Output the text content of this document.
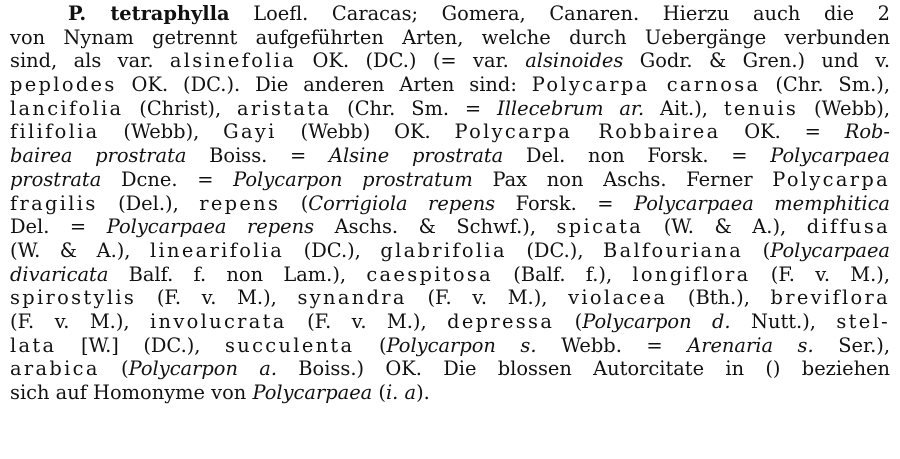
P. tetraphylla Loefl. Caracas; Gomera, Canaren. Hierzu auch die 2
von Nynam getrennt aufgeführten Arten, welche durch Uebergänge verbunden
sind, als var. alsinefolia OK. (DC.) (= var. alsinoides Godr. & Gren.) und v.
peplodes OK. (DC.). Die anderen Arten sind: Polycarpa carnosa (Chr. Sm.),
lancifolia (Christ), aristata (Chr. Sm. = Illecebrum ar. Ait.), tenuis (Webb),
filifolia (Webb), Gayi (Webb) OK. Polycarpa Robbairea OK. = Rob-
bairea prostrata Boiss. = Alsine prostrata Del. non Forsk. = Polycarpaea
prostrata Dcne. = Polycarpon prostratum Pax non Aschs. Ferner Polycarpa
fragilis (Del.), repens (Corrigiola repens Forsk. = Polycarpaea memphitica
Del. = Polycarpaea repens Aschs. & Schwf.), spicata (W. & A.), diffusa
(W. & A.), linearifolia (DC.), glabrifolia (DC.), Balfouriana (Polycarpaea
divaricata Balf. f. non Lam.), caespitosa (Balf. f.), longiflora (F. v. M.),
spirostylis (F. v. M.), synandra (F. v. M.), violacea (Bth.), breviflora
(F. v. M.), involucrata (F. v. M.), depressa (Polycarpon d. Nutt.), stel-
lata [W.] (DC.), succulenta (Polycarpon s. Webb. = Arenaria s. Ser.),
arabica (Polycarpon a. Boiss.) OK. Die blossen Autorcitate in () beziehen
sich auf Homonyme von Polycarpaea (i. a).
